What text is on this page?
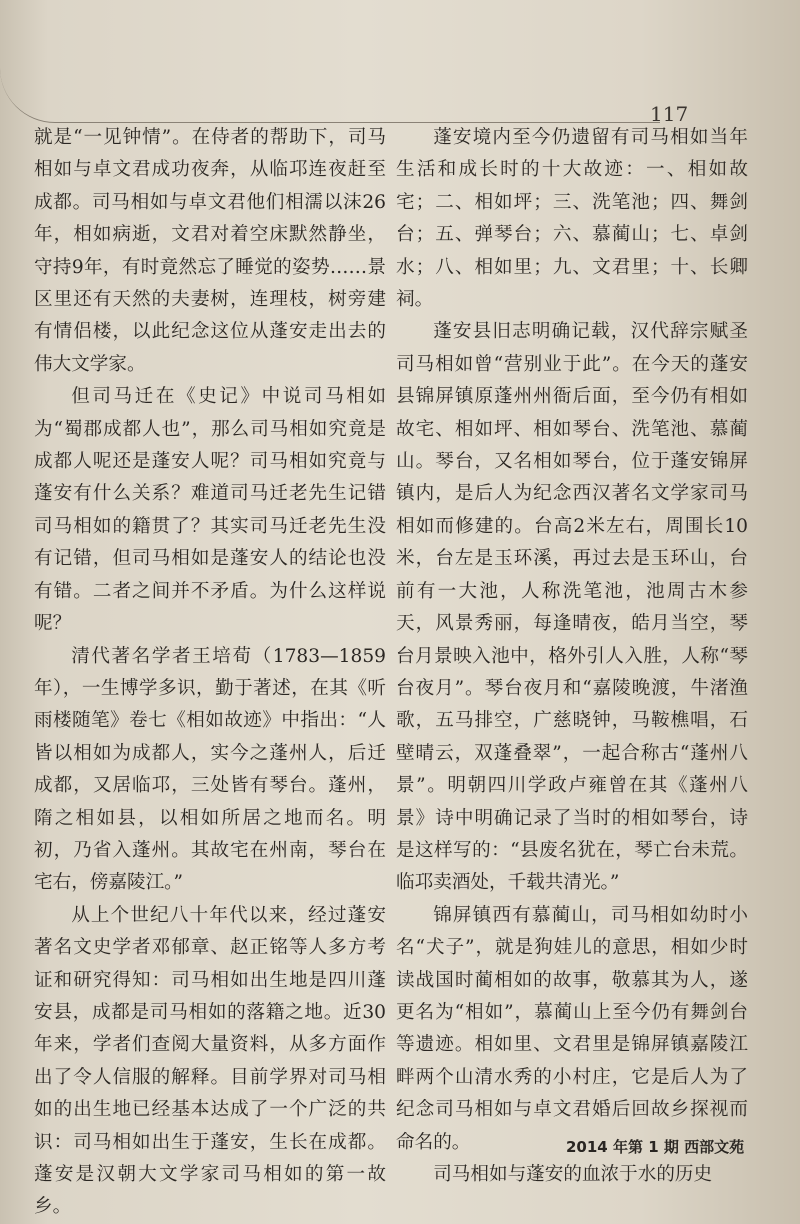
117

就是“一见钟情”。在侍者的帮助下，司马相如与卓文君成功夜奔，从临邛连夜赶至成都。司马相如与卓文君他们相濡以沫26年，相如病逝，文君对着空床默然静坐，守持9年，有时竟然忘了睡觉的姿势……景区里还有天然的夫妻树，连理枝，树旁建有情侣楼，以此纪念这位从蓬安走出去的伟大文学家。

但司马迁在《史记》中说司马相如为“蜀郡成都人也”，那么司马相如究竟是成都人呢还是蓬安人呢？司马相如究竟与蓬安有什么关系？难道司马迁老先生记错司马相如的籍贯了？其实司马迁老先生没有记错，但司马相如是蓬安人的结论也没有错。二者之间并不矛盾。为什么这样说呢？

清代著名学者王培荀（1783—1859年），一生博学多识，勤于著述，在其《听雨楼随笔》卷七《相如故迹》中指出：“人皆以相如为成都人，实今之蓬州人，后迁成都，又居临邛，三处皆有琴台。蓬州，隋之相如县，以相如所居之地而名。明初，乃省入蓬州。其故宅在州南，琴台在宅右，傍嘉陵江。”

从上个世纪八十年代以来，经过蓬安著名文史学者邓郁章、赵正铭等人多方考证和研究得知：司马相如出生地是四川蓬安县，成都是司马相如的落籍之地。近30年来，学者们查阅大量资料，从多方面作出了令人信服的解释。目前学界对司马相如的出生地已经基本达成了一个广泛的共识：司马相如出生于蓬安，生长在成都。蓬安是汉朝大文学家司马相如的第一故乡。

蓬安境内至今仍遗留有司马相如当年生活和成长时的十大故迹：一、相如故宅；二、相如坪；三、洗笔池；四、舞剑台；五、弹琴台；六、慕蔺山；七、卓剑水；八、相如里；九、文君里；十、长卿祠。

蓬安县旧志明确记载，汉代辞宗赋圣司马相如曾“营别业于此”。在今天的蓬安县锦屏镇原蓬州州衙后面，至今仍有相如故宅、相如坪、相如琴台、洗笔池、慕蔺山。琴台，又名相如琴台，位于蓬安锦屏镇内，是后人为纪念西汉著名文学家司马相如而修建的。台高2米左右，周围长10米，台左是玉环溪，再过去是玉环山，台前有一大池，人称洗笔池，池周古木参天，风景秀丽，每逢晴夜，皓月当空，琴台月景映入池中，格外引人入胜，人称“琴台夜月”。琴台夜月和“嘉陵晚渡，牛渚渔歌，五马排空，广慈晓钟，马鞍樵唱，石壁晴云，双蓬叠翠”，一起合称古“蓬州八景”。明朝四川学政卢雍曾在其《蓬州八景》诗中明确记录了当时的相如琴台，诗是这样写的：“县废名犹在，琴亡台未荒。临邛卖酒处，千载共清光。”

锦屏镇西有慕蔺山，司马相如幼时小名“犬子”，就是狗娃儿的意思，相如少时读战国时蔺相如的故事，敬慕其为人，遂更名为“相如”，慕蔺山上至今仍有舞剑台等遗迹。相如里、文君里是锦屏镇嘉陵江畔两个山清水秀的小村庄，它是后人为了纪念司马相如与卓文君婚后回故乡探视而命名的。

司马相如与蓬安的血浓于水的历史

2014 年第 1 期 西部文苑
